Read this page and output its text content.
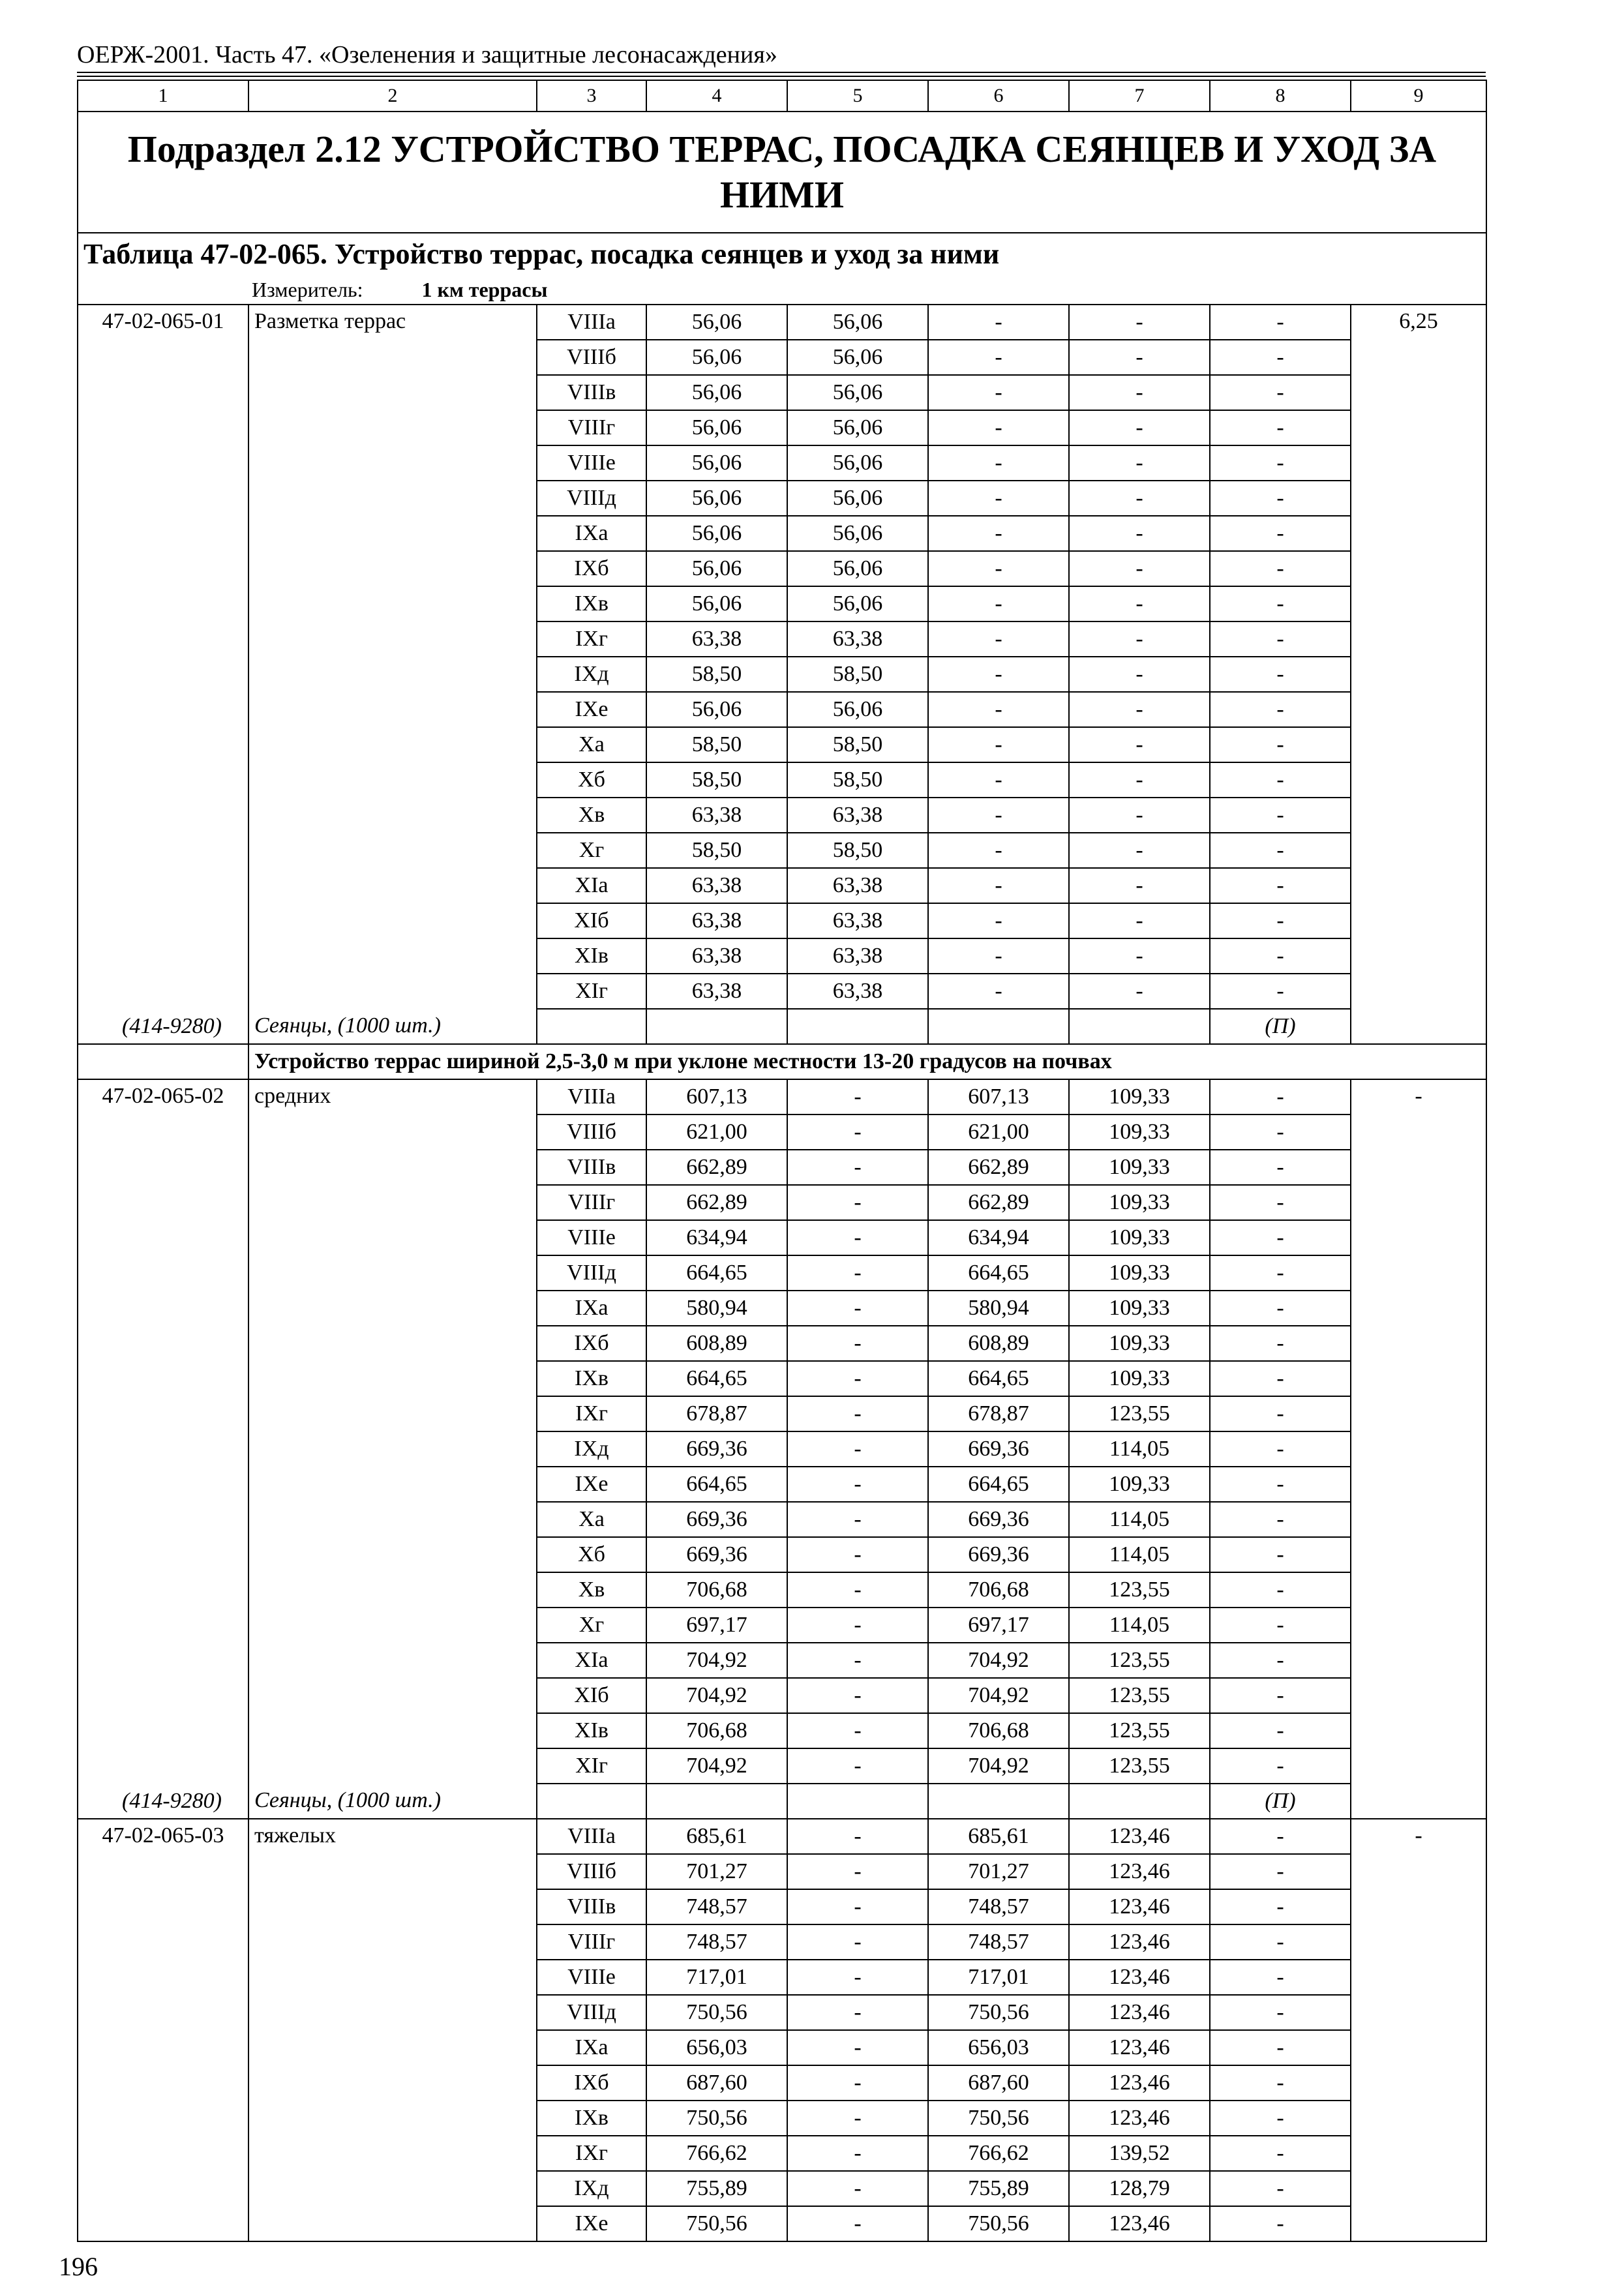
ОЕРЖ-2001. Часть 47. «Озеленения и защитные лесонасаждения»
1	2	3	4	5	6	7	8	9
Подраздел 2.12 УСТРОЙСТВО ТЕРРАС, ПОСАДКА СЕЯНЦЕВ И УХОД ЗА НИМИ								
Таблица 47-02-065. Устройство террас, посадка сеянцев и уход за ними								
Измеритель: 1 км террасы								
47-02-065-01	Разметка террас	VIIIа	56,06	56,06	-	-	-	6,25
		VIIIб	56,06	56,06	-	-	-	
		VIIIв	56,06	56,06	-	-	-	
		VIIIг	56,06	56,06	-	-	-	
		VIIIе	56,06	56,06	-	-	-	
		VIIIд	56,06	56,06	-	-	-	
		IXа	56,06	56,06	-	-	-	
		IXб	56,06	56,06	-	-	-	
		IXв	56,06	56,06	-	-	-	
		IXг	63,38	63,38	-	-	-	
		IXд	58,50	58,50	-	-	-	
		IXе	56,06	56,06	-	-	-	
		Xа	58,50	58,50	-	-	-	
		Xб	58,50	58,50	-	-	-	
		Xв	63,38	63,38	-	-	-	
		Xг	58,50	58,50	-	-	-	
		XIа	63,38	63,38	-	-	-	
		XIб	63,38	63,38	-	-	-	
		XIв	63,38	63,38	-	-	-	
		XIг	63,38	63,38	-	-	-	
(414-9280)	Сеянцы, (1000 шт.)						(П)	
	Устройство террас шириной 2,5-3,0 м при уклоне местности 13-20 градусов на почвах							
47-02-065-02	средних	VIIIа	607,13	-	607,13	109,33	-	-
		VIIIб	621,00	-	621,00	109,33	-	
		VIIIв	662,89	-	662,89	109,33	-	
		VIIIг	662,89	-	662,89	109,33	-	
		VIIIе	634,94	-	634,94	109,33	-	
		VIIIд	664,65	-	664,65	109,33	-	
		IXа	580,94	-	580,94	109,33	-	
		IXб	608,89	-	608,89	109,33	-	
		IXв	664,65	-	664,65	109,33	-	
		IXг	678,87	-	678,87	123,55	-	
		IXд	669,36	-	669,36	114,05	-	
		IXе	664,65	-	664,65	109,33	-	
		Xа	669,36	-	669,36	114,05	-	
		Xб	669,36	-	669,36	114,05	-	
		Xв	706,68	-	706,68	123,55	-	
		Xг	697,17	-	697,17	114,05	-	
		XIа	704,92	-	704,92	123,55	-	
		XIб	704,92	-	704,92	123,55	-	
		XIв	706,68	-	706,68	123,55	-	
		XIг	704,92	-	704,92	123,55	-	
(414-9280)	Сеянцы, (1000 шт.)						(П)	
47-02-065-03	тяжелых	VIIIа	685,61	-	685,61	123,46	-	-
		VIIIб	701,27	-	701,27	123,46	-	
		VIIIв	748,57	-	748,57	123,46	-	
		VIIIг	748,57	-	748,57	123,46	-	
		VIIIе	717,01	-	717,01	123,46	-	
		VIIIд	750,56	-	750,56	123,46	-	
		IXа	656,03	-	656,03	123,46	-	
		IXб	687,60	-	687,60	123,46	-	
		IXв	750,56	-	750,56	123,46	-	
		IXг	766,62	-	766,62	139,52	-	
		IXд	755,89	-	755,89	128,79	-	
		IXе	750,56	-	750,56	123,46	-	
196
